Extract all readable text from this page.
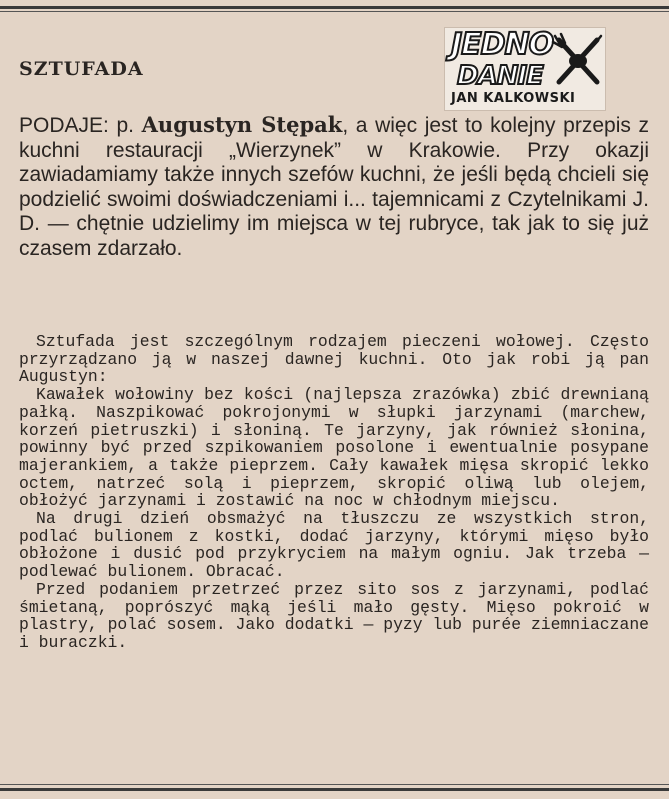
SZTUFADA
JEDNO
DANIE
JAN KALKOWSKI

PODAJE: p. Augustyn Stępak, a więc jest to kolejny przepis z kuchni restauracji „Wierzynek” w Krakowie. Przy okazji zawiadamiamy także innych szefów kuchni, że jeśli będą chcieli się podzielić swoimi doświadczeniami i... tajemnicami z Czytelnikami J. D. — chętnie udzielimy im miejsca w tej rubryce, tak jak to się już czasem zdarzało.

Sztufada jest szczególnym rodzajem pieczeni wołowej. Często przyrządzano ją w naszej dawnej kuchni. Oto jak robi ją pan Augustyn:

Kawałek wołowiny bez kości (najlepsza zrazówka) zbić drewnianą pałką. Naszpikować pokrojonymi w słupki jarzynami (marchew, korzeń pietruszki) i słoniną. Te jarzyny, jak również słonina, powinny być przed szpikowaniem posolone i ewentualnie posypane majerankiem, a także pieprzem. Cały kawałek mięsa skropić lekko octem, natrzeć solą i pieprzem, skropić oliwą lub olejem, obłożyć jarzynami i zostawić na noc w chłodnym miejscu.

Na drugi dzień obsmażyć na tłuszczu ze wszystkich stron, podlać bulionem z kostki, dodać jarzyny, którymi mięso było obłożone i dusić pod przykryciem na małym ogniu. Jak trzeba — podlewać bulionem. Obracać.

Przed podaniem przetrzeć przez sito sos z jarzynami, podlać śmietaną, poprószyć mąką jeśli mało gęsty. Mięso pokroić w plastry, polać sosem. Jako dodatki — pyzy lub purée ziemniaczane i buraczki.
